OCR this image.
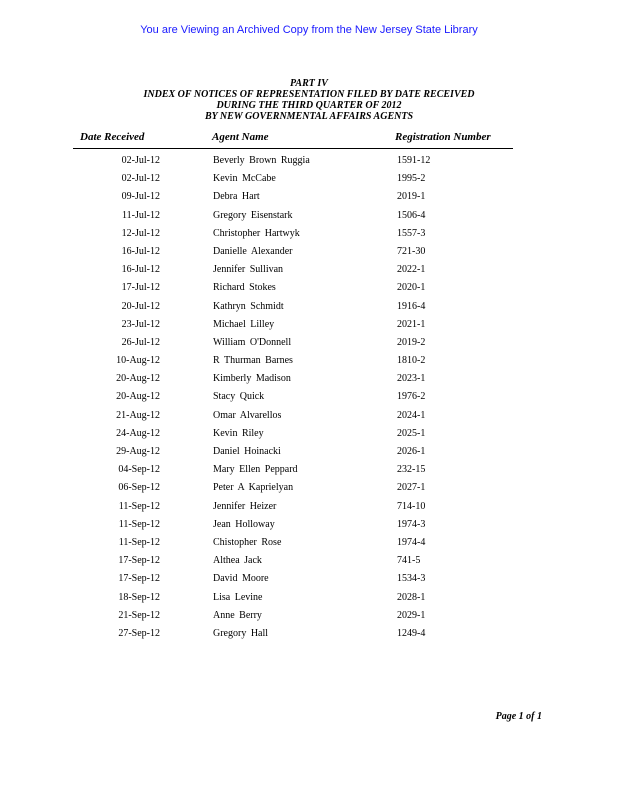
You are Viewing an Archived Copy from the New Jersey State Library
PART IV
INDEX OF NOTICES OF REPRESENTATION FILED BY DATE RECEIVED
DURING THE THIRD QUARTER OF 2012
BY NEW GOVERNMENTAL AFFAIRS AGENTS
Date Received	Agent Name	Registration Number
02-Jul-12	Beverly Brown Ruggia	1591-12
02-Jul-12	Kevin McCabe	1995-2
09-Jul-12	Debra Hart	2019-1
11-Jul-12	Gregory Eisenstark	1506-4
12-Jul-12	Christopher Hartwyk	1557-3
16-Jul-12	Danielle Alexander	721-30
16-Jul-12	Jennifer Sullivan	2022-1
17-Jul-12	Richard Stokes	2020-1
20-Jul-12	Kathryn Schmidt	1916-4
23-Jul-12	Michael Lilley	2021-1
26-Jul-12	William O'Donnell	2019-2
10-Aug-12	R Thurman Barnes	1810-2
20-Aug-12	Kimberly Madison	2023-1
20-Aug-12	Stacy Quick	1976-2
21-Aug-12	Omar Alvarellos	2024-1
24-Aug-12	Kevin Riley	2025-1
29-Aug-12	Daniel Hoinacki	2026-1
04-Sep-12	Mary Ellen Peppard	232-15
06-Sep-12	Peter A Kaprielyan	2027-1
11-Sep-12	Jennifer Heizer	714-10
11-Sep-12	Jean Holloway	1974-3
11-Sep-12	Chistopher Rose	1974-4
17-Sep-12	Althea Jack	741-5
17-Sep-12	David Moore	1534-3
18-Sep-12	Lisa Levine	2028-1
21-Sep-12	Anne Berry	2029-1
27-Sep-12	Gregory Hall	1249-4
Page 1 of 1
